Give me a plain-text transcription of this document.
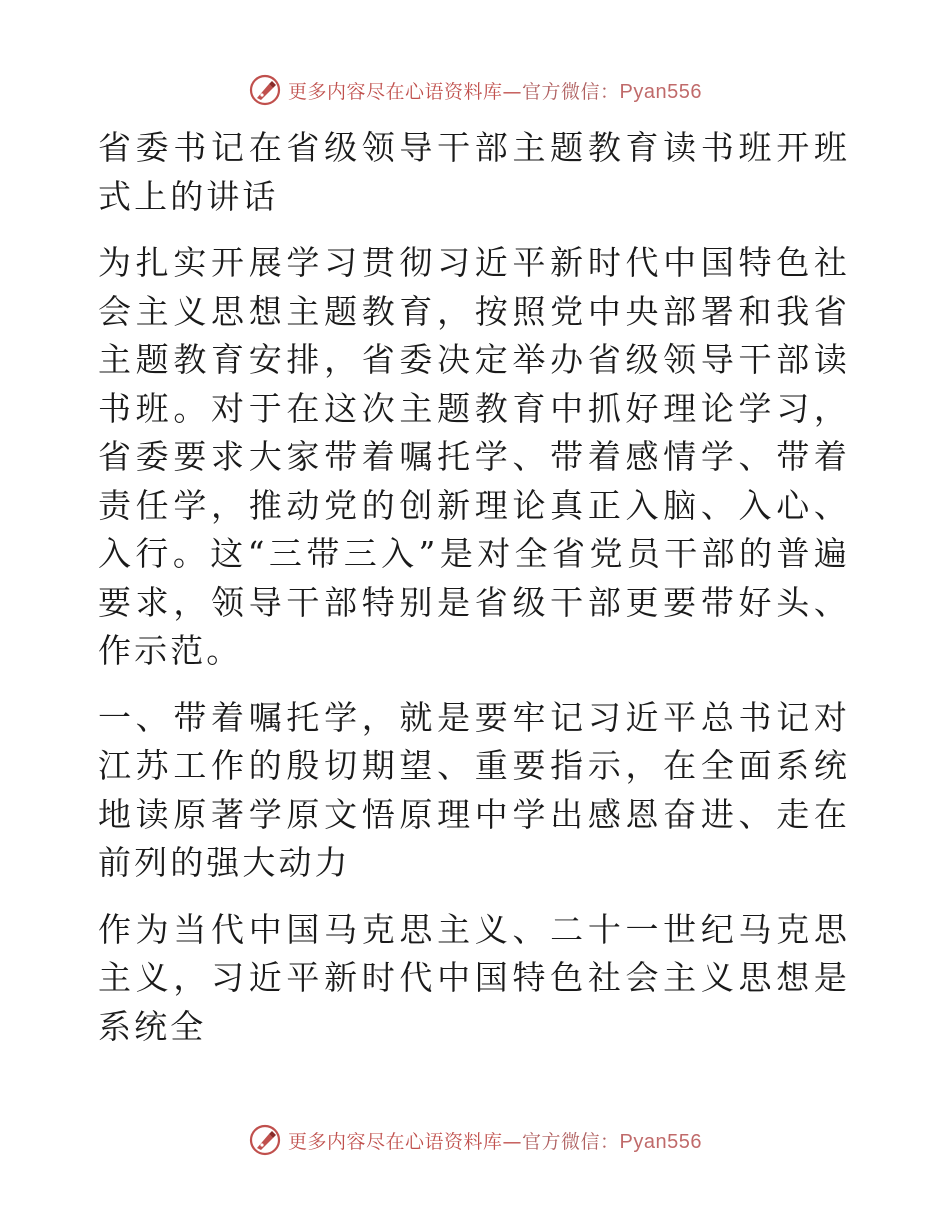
更多内容尽在心语资料库—官方微信：Pyan556

省委书记在省级领导干部主题教育读书班开班式上的讲话

为扎实开展学习贯彻习近平新时代中国特色社会主义思想主题教育，按照党中央部署和我省主题教育安排，省委决定举办省级领导干部读书班。对于在这次主题教育中抓好理论学习，省委要求大家带着嘱托学、带着感情学、带着责任学，推动党的创新理论真正入脑、入心、入行。这“三带三入”是对全省党员干部的普遍要求，领导干部特别是省级干部更要带好头、作示范。

一、带着嘱托学，就是要牢记习近平总书记对江苏工作的殷切期望、重要指示，在全面系统地读原著学原文悟原理中学出感恩奋进、走在前列的强大动力

作为当代中国马克思主义、二十一世纪马克思主义，习近平新时代中国特色社会主义思想是系统全

更多内容尽在心语资料库—官方微信：Pyan556
